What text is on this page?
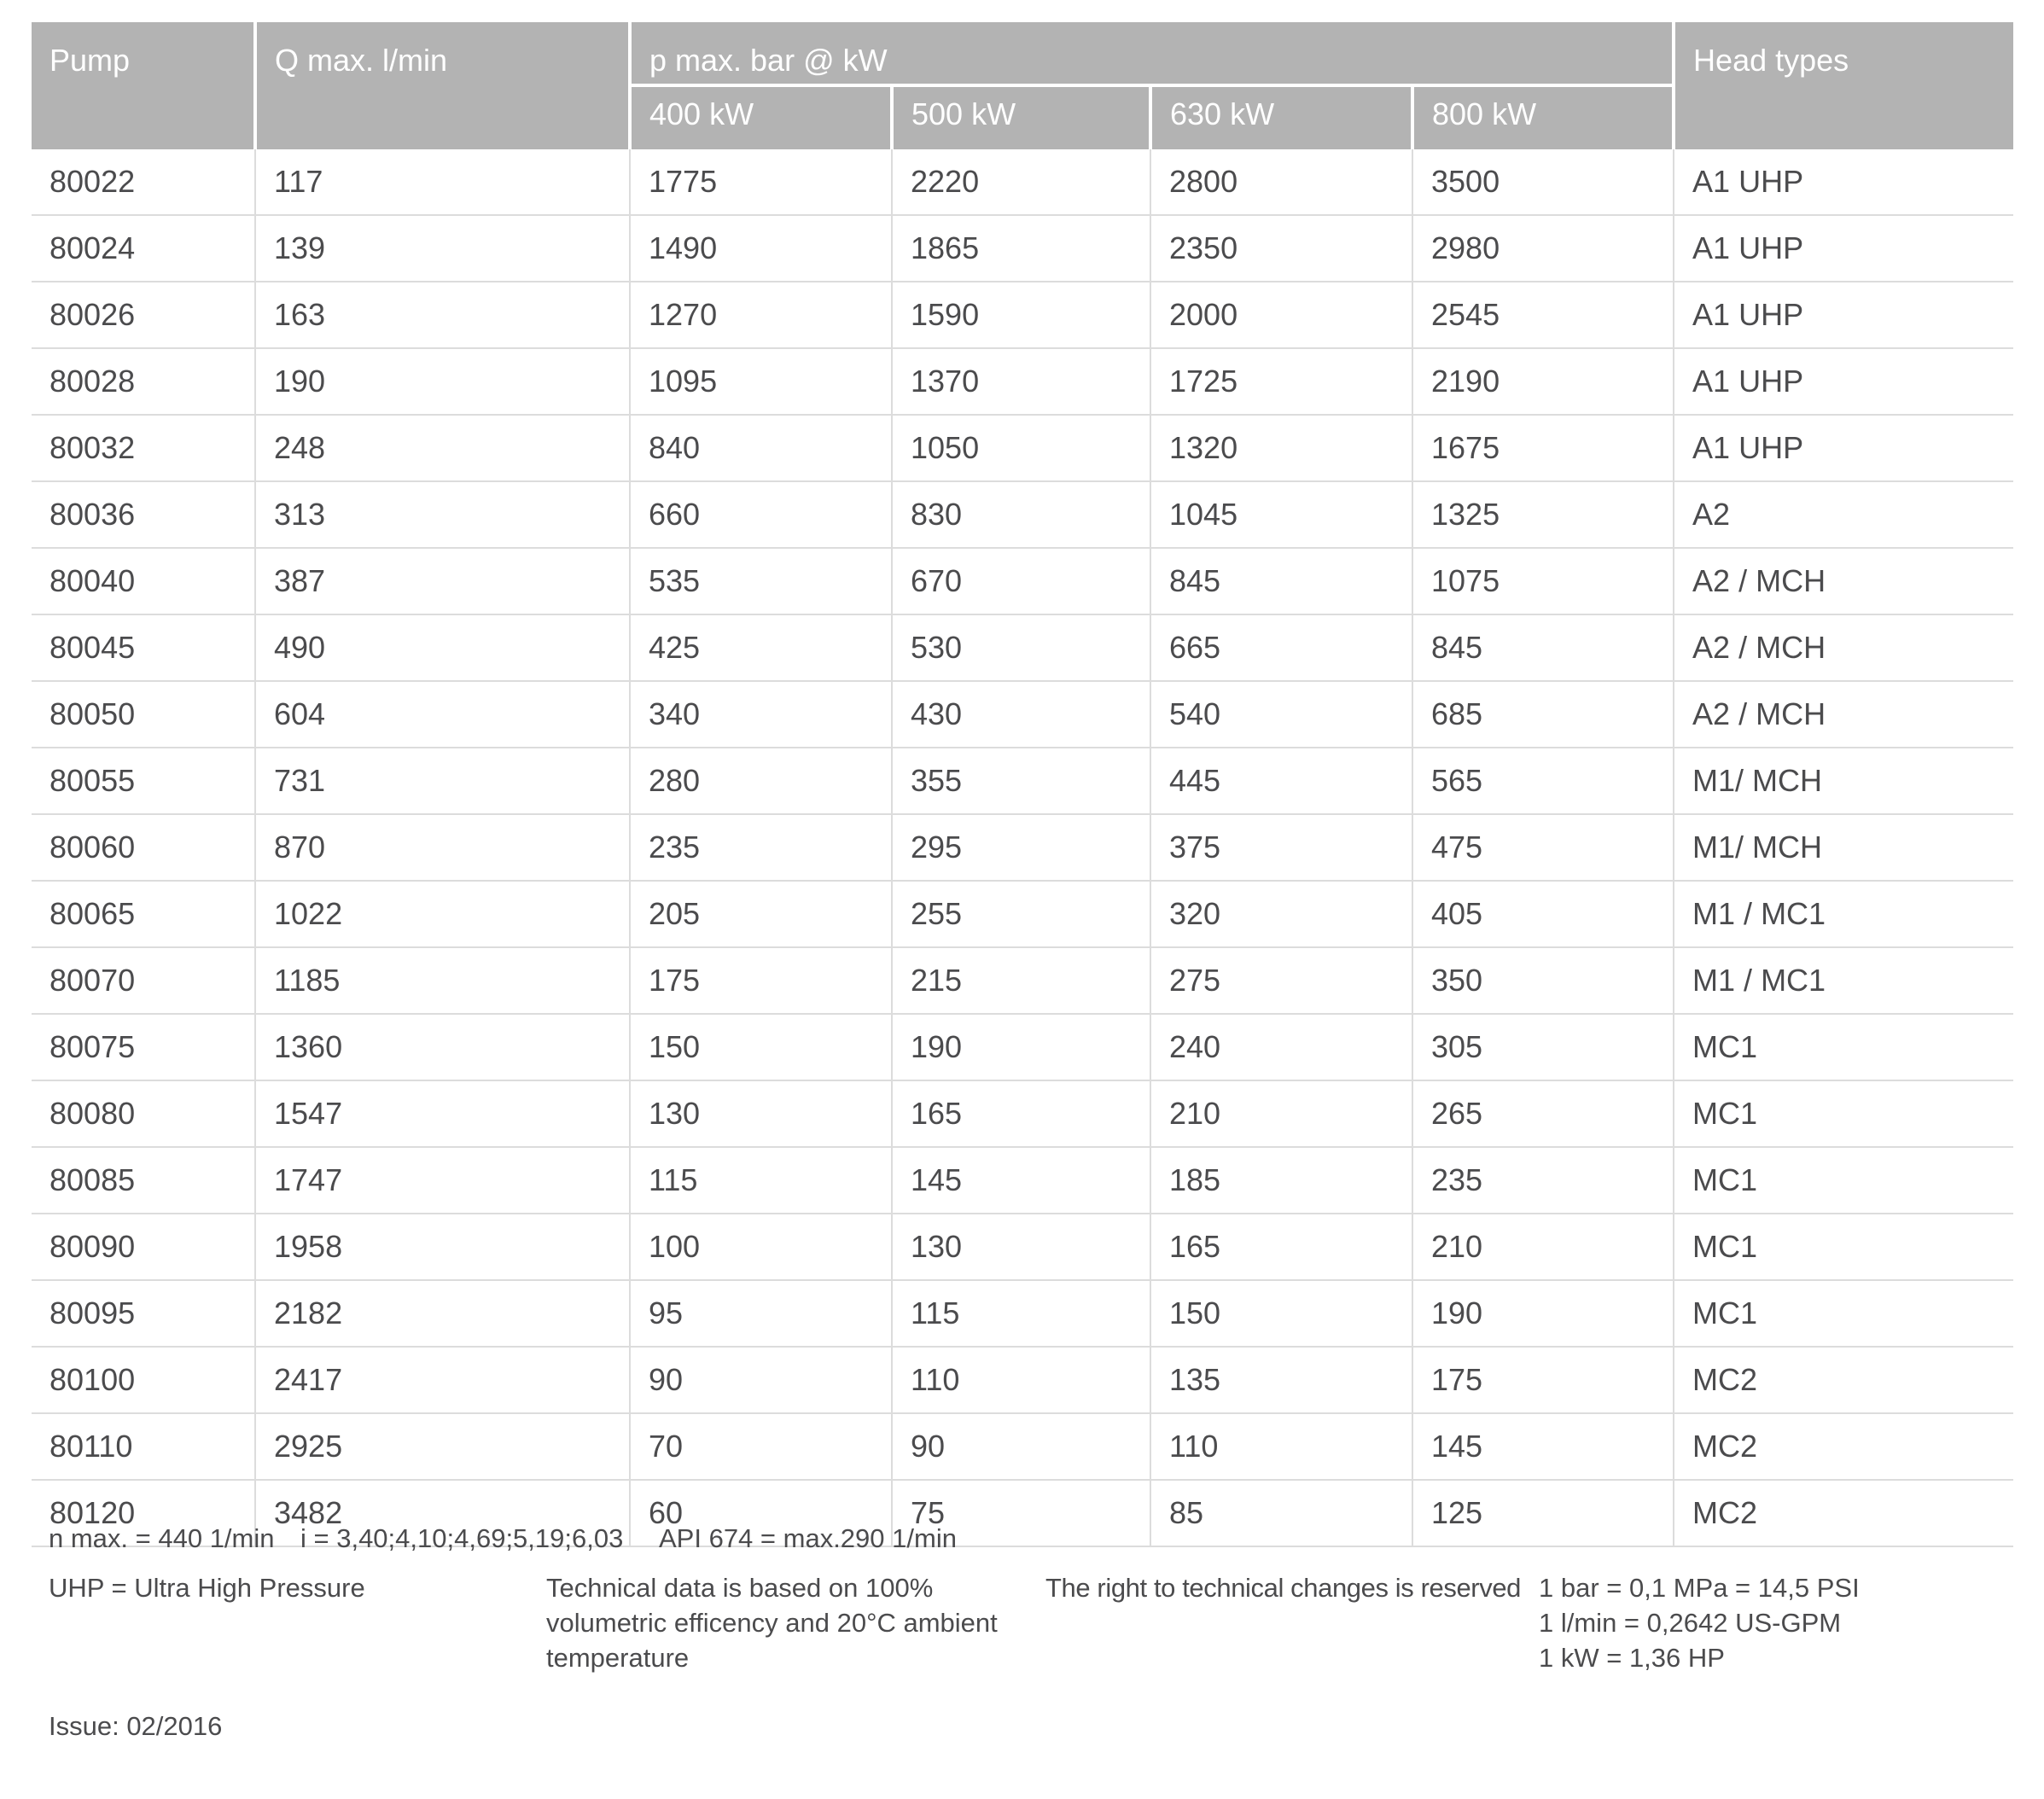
Pump	Q max. l/min	p max. bar @ kW				Head types
		400 kW	500 kW	630 kW	800 kW	
80022	117	1775	2220	2800	3500	A1 UHP
80024	139	1490	1865	2350	2980	A1 UHP
80026	163	1270	1590	2000	2545	A1 UHP
80028	190	1095	1370	1725	2190	A1 UHP
80032	248	840	1050	1320	1675	A1 UHP
80036	313	660	830	1045	1325	A2
80040	387	535	670	845	1075	A2 / MCH
80045	490	425	530	665	845	A2 / MCH
80050	604	340	430	540	685	A2 / MCH
80055	731	280	355	445	565	M1/ MCH
80060	870	235	295	375	475	M1/ MCH
80065	1022	205	255	320	405	M1 / MC1
80070	1185	175	215	275	350	M1 / MC1
80075	1360	150	190	240	305	MC1
80080	1547	130	165	210	265	MC1
80085	1747	115	145	185	235	MC1
80090	1958	100	130	165	210	MC1
80095	2182	95	115	150	190	MC1
80100	2417	90	110	135	175	MC2
80110	2925	70	90	110	145	MC2
80120	3482	60	75	85	125	MC2
n max. = 440 1/min i = 3,40;4,10;4,69;5,19;6,03 API 674 = max.290 1/min
UHP = Ultra High Pressure	Technical data is based on 100%
volumetric efficency and 20°C ambient
temperature
The right to technical changes is reserved 1 bar = 0,1 MPa = 14,5 PSI
1 l/min = 0,2642 US-GPM
1 kW = 1,36 HP
Issue: 02/2016
